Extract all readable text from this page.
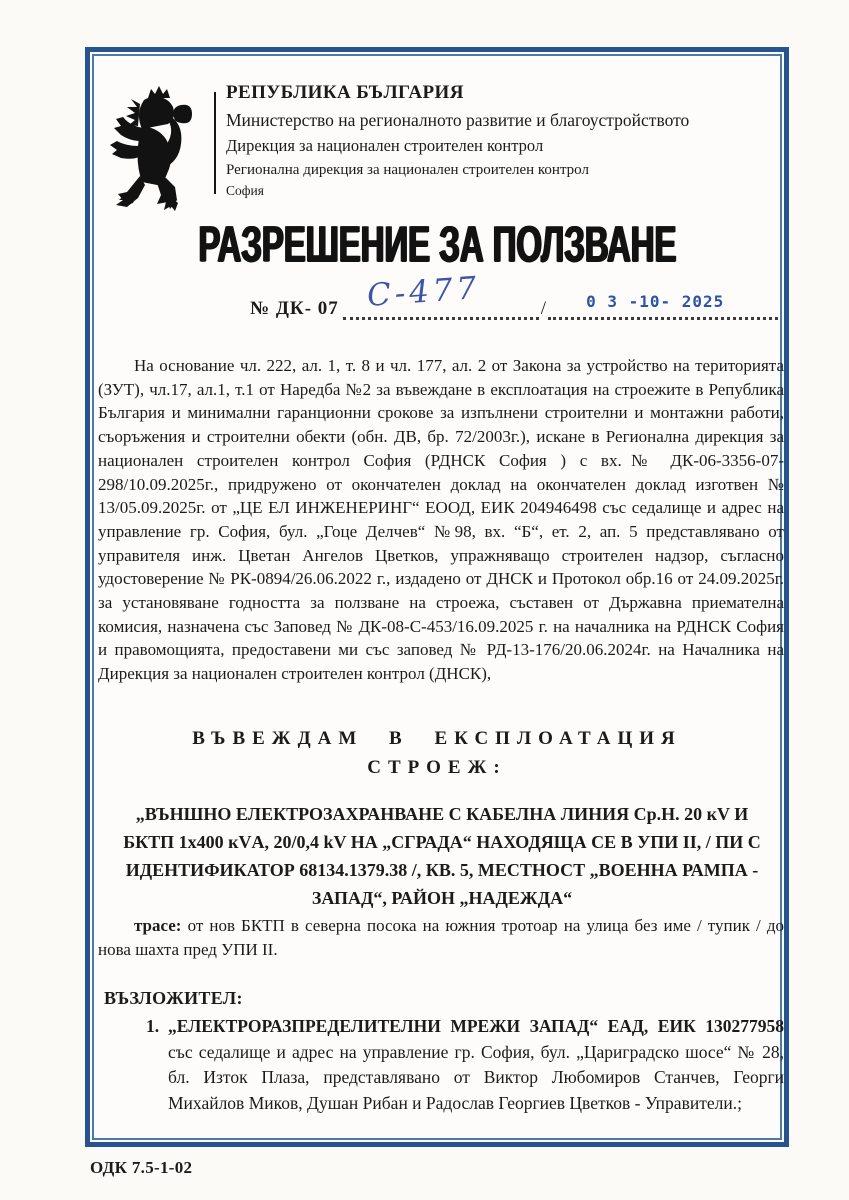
РЕПУБЛИКА БЪЛГАРИЯ
Министерство на регионалното развитие и благоустройството
Дирекция за национален строителен контрол
Регионална дирекция за национален строителен контрол
София
РАЗРЕШЕНИЕ ЗА ПОЛЗВАНЕ
№ ДК- 07 С-477	/	0 3 -10- 2025

На основание чл. 222, ал. 1, т. 8 и чл. 177, ал. 2 от Закона за устройство на територията (ЗУТ), чл.17, ал.1, т.1 от Наредба №2 за въвеждане в експлоатация на строежите в Република България и минимални гаранционни срокове за изпълнени строителни и монтажни работи, съоръжения и строителни обекти (обн. ДВ, бр. 72/2003г.), искане в Регионална дирекция за национален строителен контрол София (РДНСК София ) с вх.№ ДК-06-3356-07-298/10.09.2025г., придружено от окончателен доклад на окончателен доклад изготвен № 13/05.09.2025г. от „ЦЕ ЕЛ ИНЖЕНЕРИНГ“ ЕООД, ЕИК 204946498 със седалище и адрес на управление гр. София, бул. „Гоце Делчев“ №98, вх. “Б“, ет. 2, ап. 5 представлявано от управителя инж. Цветан Ангелов Цветков, упражняващо строителен надзор, съгласно удостоверение № РК-0894/26.06.2022 г., издадено от ДНСК и Протокол обр.16 от 24.09.2025г. за установяване годността за ползване на строежа, съставен от Държавна приемателна комисия, назначена със Заповед № ДК-08-С-453/16.09.2025 г. на началника на РДНСК София и правомощията, предоставени ми със заповед № РД-13-176/20.06.2024г. на Началника на Дирекция за национален строителен контрол (ДНСК),

ВЪВЕЖДАМ В ЕКСПЛОАТАЦИЯ
СТРОЕЖ:
„ВЪНШНО ЕЛЕКТРОЗАХРАНВАНЕ С КАБЕЛНА ЛИНИЯ Ср.Н. 20 кV И БКТП 1х400 кVА, 20/0,4 kV НА „СГРАДА“ НАХОДЯЩА СЕ В УПИ II, / ПИ С ИДЕНТИФИКАТОР 68134.1379.38 /, КВ. 5, МЕСТНОСТ „ВОЕННА РАМПА - ЗАПАД“, РАЙОН „НАДЕЖДА“

трасе: от нов БКТП в северна посока на южния тротоар на улица без име / тупик / до нова шахта пред УПИ II.

ВЪЗЛОЖИТЕЛ:
1. „ЕЛЕКТРОРАЗПРЕДЕЛИТЕЛНИ МРЕЖИ ЗАПАД“ ЕАД, ЕИК 130277958 със седалище и адрес на управление гр. София, бул. „Цариградско шосе“ № 28, бл. Изток Плаза, представлявано от Виктор Любомиров Станчев, Георги Михайлов Миков, Душан Рибан и Радослав Георгиев Цветков - Управители.;

ОДК 7.5-1-02
